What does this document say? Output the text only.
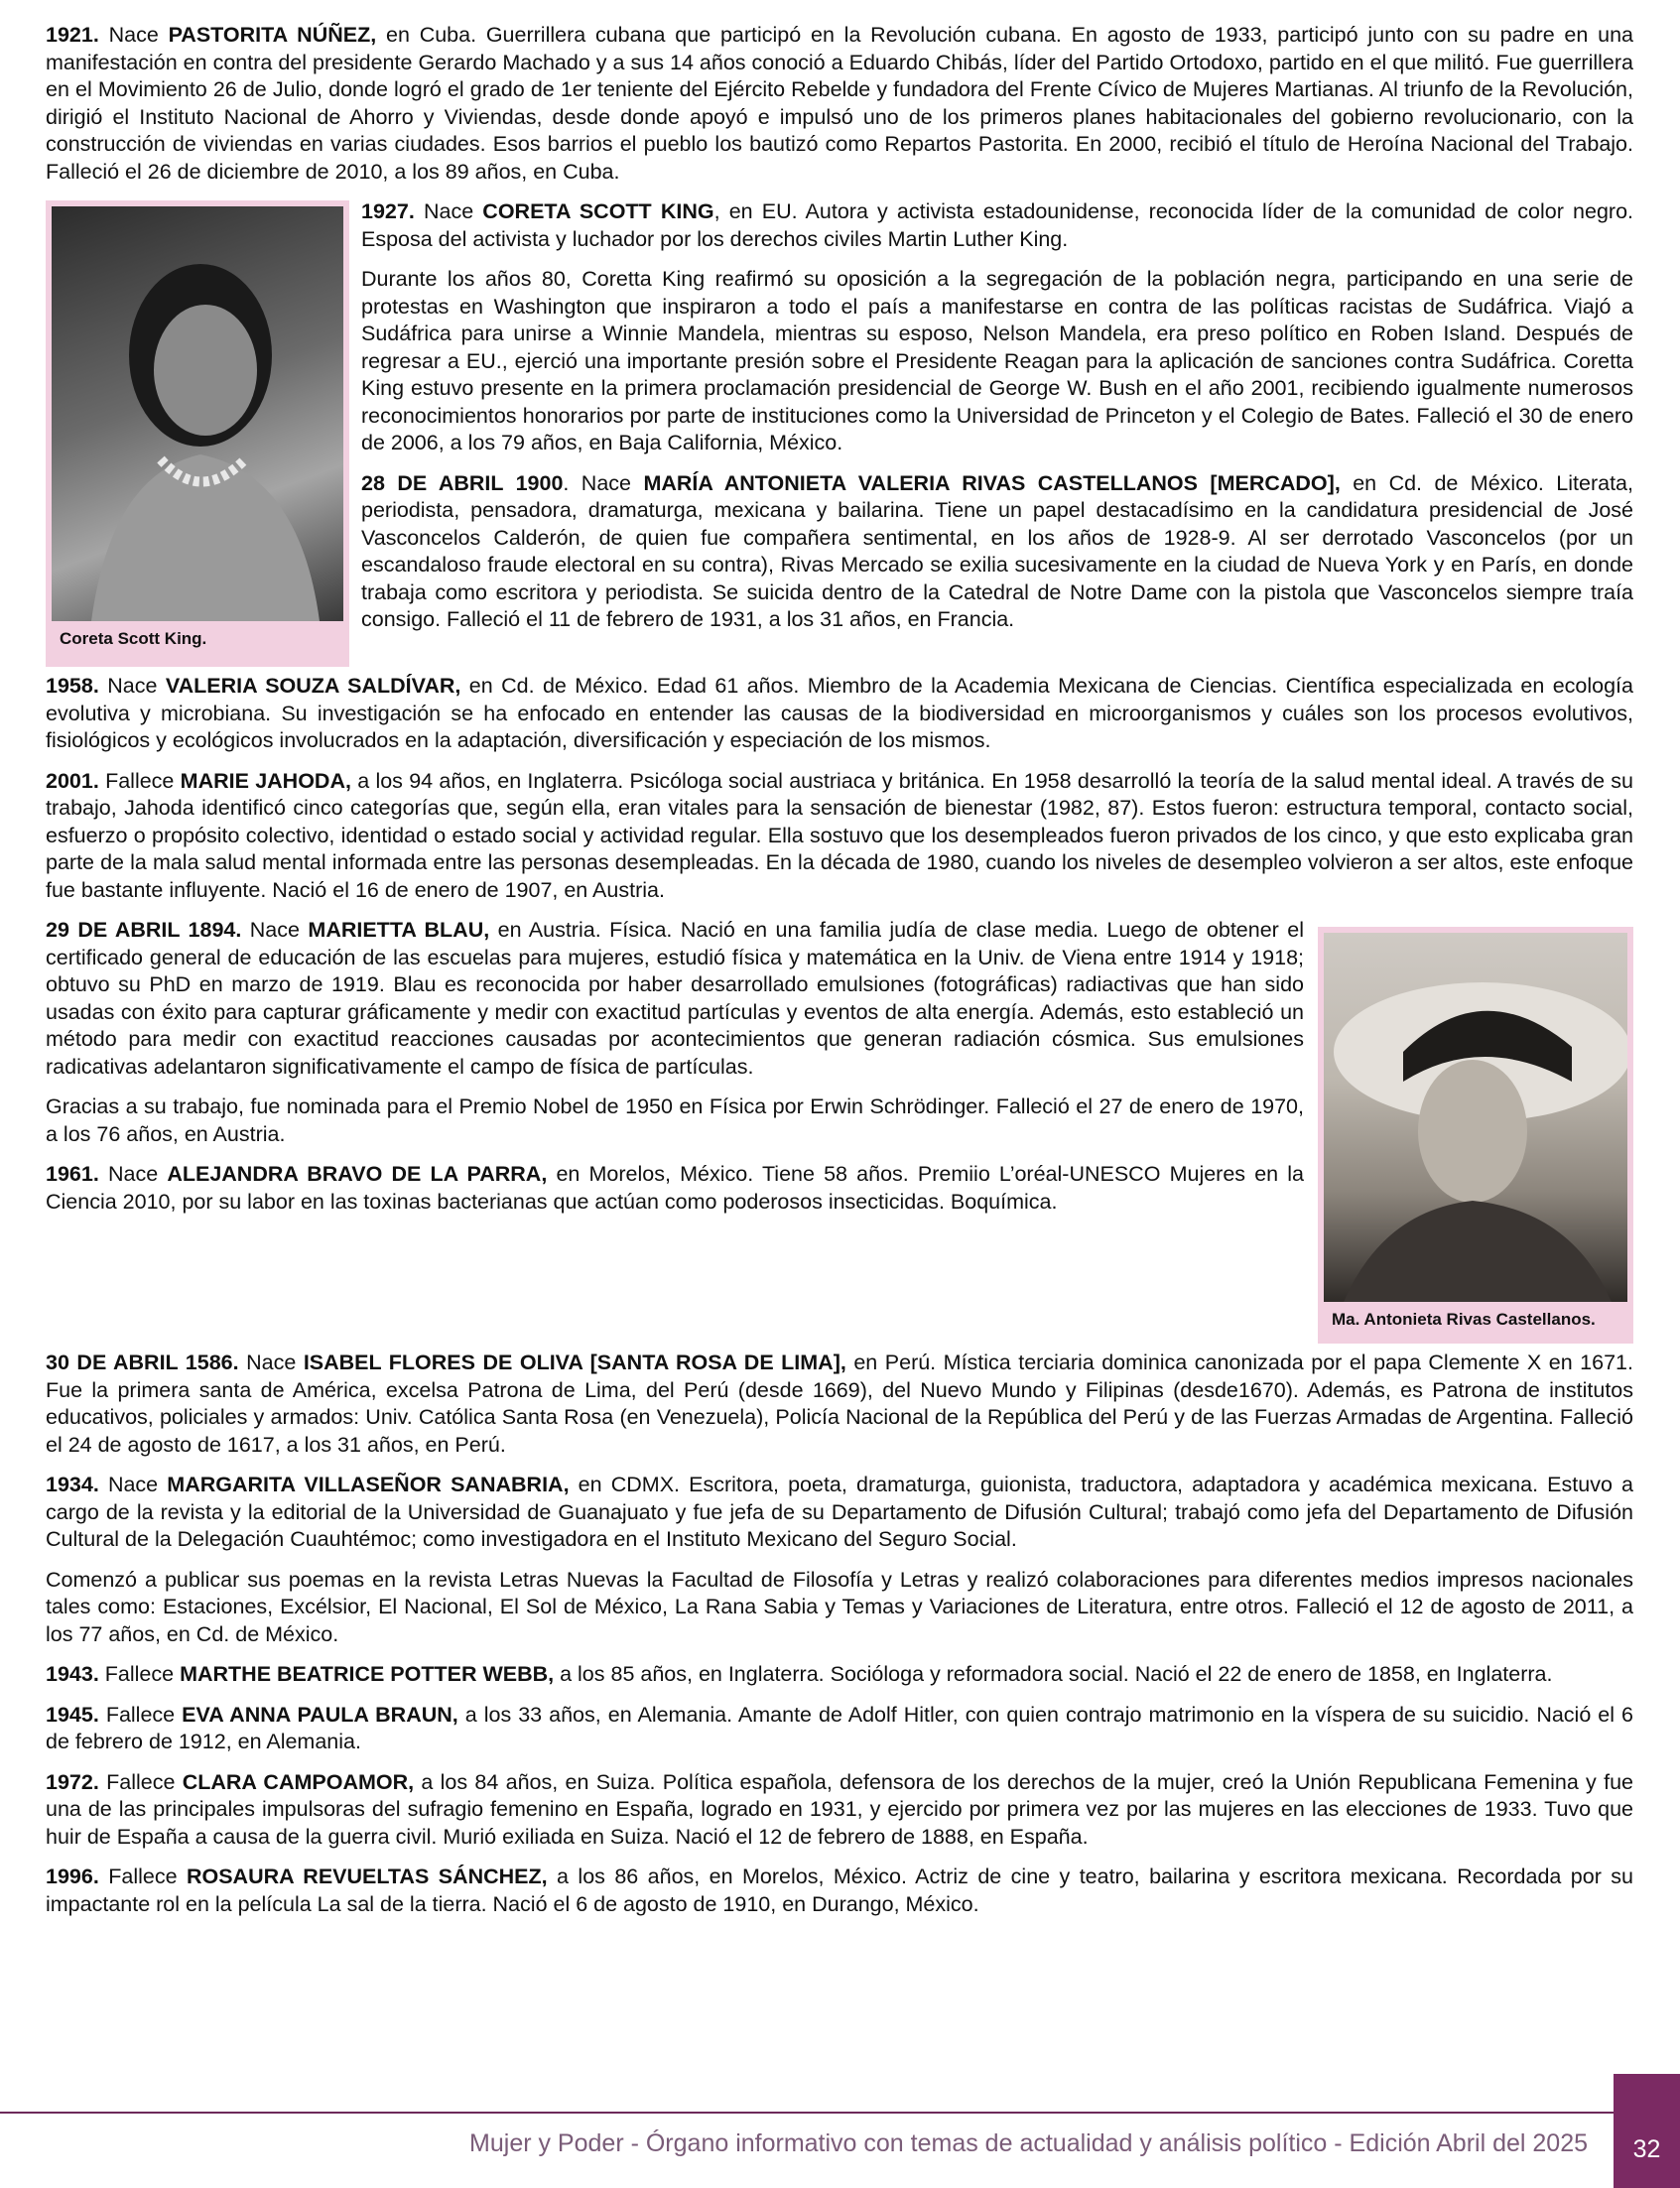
1921. Nace PASTORITA NÚÑEZ, en Cuba. Guerrillera cubana que participó en la Revolución cubana. En agosto de 1933, participó junto con su padre en una manifestación en contra del presidente Gerardo Machado y a sus 14 años conoció a Eduardo Chibás, líder del Partido Ortodoxo, partido en el que militó. Fue guerrillera en el Movimiento 26 de Julio, donde logró el grado de 1er teniente del Ejército Rebelde y fundadora del Frente Cívico de Mujeres Martianas. Al triunfo de la Revolución, dirigió el Instituto Nacional de Ahorro y Viviendas, desde donde apoyó e impulsó uno de los primeros planes habitacionales del gobierno revolucionario, con la construcción de viviendas en varias ciudades. Esos barrios el pueblo los bautizó como Repartos Pastorita. En 2000, recibió el título de Heroína Nacional del Trabajo. Falleció el 26 de diciembre de 2010, a los 89 años, en Cuba.

Coreta Scott King.

1927. Nace CORETA SCOTT KING, en EU. Autora y activista estadounidense, reconocida líder de la comunidad de color negro. Esposa del activista y luchador por los derechos civiles Martin Luther King.

Durante los años 80, Coretta King reafirmó su oposición a la segregación de la población negra, participando en una serie de protestas en Washington que inspiraron a todo el país a manifestarse en contra de las políticas racistas de Sudáfrica. Viajó a Sudáfrica para unirse a Winnie Mandela, mientras su esposo, Nelson Mandela, era preso político en Roben Island. Después de regresar a EU., ejerció una importante presión sobre el Presidente Reagan para la aplicación de sanciones contra Sudáfrica. Coretta King estuvo presente en la primera proclamación presidencial de George W. Bush en el año 2001, recibiendo igualmente numerosos reconocimientos honorarios por parte de instituciones como la Universidad de Princeton y el Colegio de Bates. Falleció el 30 de enero de 2006, a los 79 años, en Baja California, México.

28 DE ABRIL 1900. Nace MARÍA ANTONIETA VALERIA RIVAS CASTELLANOS [MERCADO], en Cd. de México. Literata, periodista, pensadora, dramaturga, mexicana y bailarina. Tiene un papel destacadísimo en la candidatura presidencial de José Vasconcelos Calderón, de quien fue compañera sentimental, en los años de 1928-9. Al ser derrotado Vasconcelos (por un escandaloso fraude electoral en su contra), Rivas Mercado se exilia sucesivamente en la ciudad de Nueva York y en París, en donde trabaja como escritora y periodista. Se suicida dentro de la Catedral de Notre Dame con la pistola que Vasconcelos siempre traía consigo. Falleció el 11 de febrero de 1931, a los 31 años, en Francia.

1958. Nace VALERIA SOUZA SALDÍVAR, en Cd. de México. Edad 61 años. Miembro de la Academia Mexicana de Ciencias. Científica especializada en ecología evolutiva y microbiana. Su investigación se ha enfocado en entender las causas de la biodiversidad en microorganismos y cuáles son los procesos evolutivos, fisiológicos y ecológicos involucrados en la adaptación, diversificación y especiación de los mismos.

2001. Fallece MARIE JAHODA, a los 94 años, en Inglaterra. Psicóloga social austriaca y británica. En 1958 desarrolló la teoría de la salud mental ideal. A través de su trabajo, Jahoda identificó cinco categorías que, según ella, eran vitales para la sensación de bienestar (1982, 87). Estos fueron: estructura temporal, contacto social, esfuerzo o propósito colectivo, identidad o estado social y actividad regular. Ella sostuvo que los desempleados fueron privados de los cinco, y que esto explicaba gran parte de la mala salud mental informada entre las personas desempleadas. En la década de 1980, cuando los niveles de desempleo volvieron a ser altos, este enfoque fue bastante influyente. Nació el 16 de enero de 1907, en Austria.

Ma. Antonieta Rivas Castellanos.

29 DE ABRIL 1894. Nace MARIETTA BLAU, en Austria. Física. Nació en una familia judía de clase media. Luego de obtener el certificado general de educación de las escuelas para mujeres, estudió física y matemática en la Univ. de Viena entre 1914 y 1918; obtuvo su PhD en marzo de 1919. Blau es reconocida por haber desarrollado emulsiones (fotográficas) radiactivas que han sido usadas con éxito para capturar gráficamente y medir con exactitud partículas y eventos de alta energía. Además, esto estableció un método para medir con exactitud reacciones causadas por acontecimientos que generan radiación cósmica. Sus emulsiones radicativas adelantaron significativamente el campo de física de partículas.

Gracias a su trabajo, fue nominada para el Premio Nobel de 1950 en Física por Erwin Schrödinger. Falleció el 27 de enero de 1970, a los 76 años, en Austria.

1961. Nace ALEJANDRA BRAVO DE LA PARRA, en Morelos, México. Tiene 58 años. Premiio L’oréal-UNESCO Mujeres en la Ciencia 2010, por su labor en las toxinas bacterianas que actúan como poderosos insecticidas. Boquímica.

30 DE ABRIL 1586. Nace ISABEL FLORES DE OLIVA [SANTA ROSA DE LIMA], en Perú. Mística terciaria dominica canonizada por el papa Clemente X en 1671. Fue la primera santa de América, excelsa Patrona de Lima, del Perú (desde 1669), del Nuevo Mundo y Filipinas (desde1670). Además, es Patrona de institutos educativos, policiales y armados: Univ. Católica Santa Rosa (en Venezuela), Policía Nacional de la República del Perú y de las Fuerzas Armadas de Argentina. Falleció el 24 de agosto de 1617, a los 31 años, en Perú.

1934. Nace MARGARITA VILLASEÑOR SANABRIA, en CDMX. Escritora, poeta, dramaturga, guionista, traductora, adaptadora y académica mexicana. Estuvo a cargo de la revista y la editorial de la Universidad de Guanajuato y fue jefa de su Departamento de Difusión Cultural; trabajó como jefa del Departamento de Difusión Cultural de la Delegación Cuauhtémoc; como investigadora en el Instituto Mexicano del Seguro Social.

Comenzó a publicar sus poemas en la revista Letras Nuevas la Facultad de Filosofía y Letras y realizó colaboraciones para diferentes medios impresos nacionales tales como: Estaciones, Excélsior, El Nacional, El Sol de México, La Rana Sabia y Temas y Variaciones de Literatura, entre otros. Falleció el 12 de agosto de 2011, a los 77 años, en Cd. de México.

1943. Fallece MARTHE BEATRICE POTTER WEBB, a los 85 años, en Inglaterra. Socióloga y reformadora social. Nació el 22 de enero de 1858, en Inglaterra.

1945. Fallece EVA ANNA PAULA BRAUN, a los 33 años, en Alemania. Amante de Adolf Hitler, con quien contrajo matrimonio en la víspera de su suicidio. Nació el 6 de febrero de 1912, en Alemania.

1972. Fallece CLARA CAMPOAMOR, a los 84 años, en Suiza. Política española, defensora de los derechos de la mujer, creó la Unión Republicana Femenina y fue una de las principales impulsoras del sufragio femenino en España, logrado en 1931, y ejercido por primera vez por las mujeres en las elecciones de 1933. Tuvo que huir de España a causa de la guerra civil. Murió exiliada en Suiza. Nació el 12 de febrero de 1888, en España.

1996. Fallece ROSAURA REVUELTAS SÁNCHEZ, a los 86 años, en Morelos, México. Actriz de cine y teatro, bailarina y escritora mexicana. Recordada por su impactante rol en la película La sal de la tierra. Nació el 6 de agosto de 1910, en Durango, México.

Mujer y Poder - Órgano informativo con temas de actualidad y análisis político - Edición Abril del 2025	32
